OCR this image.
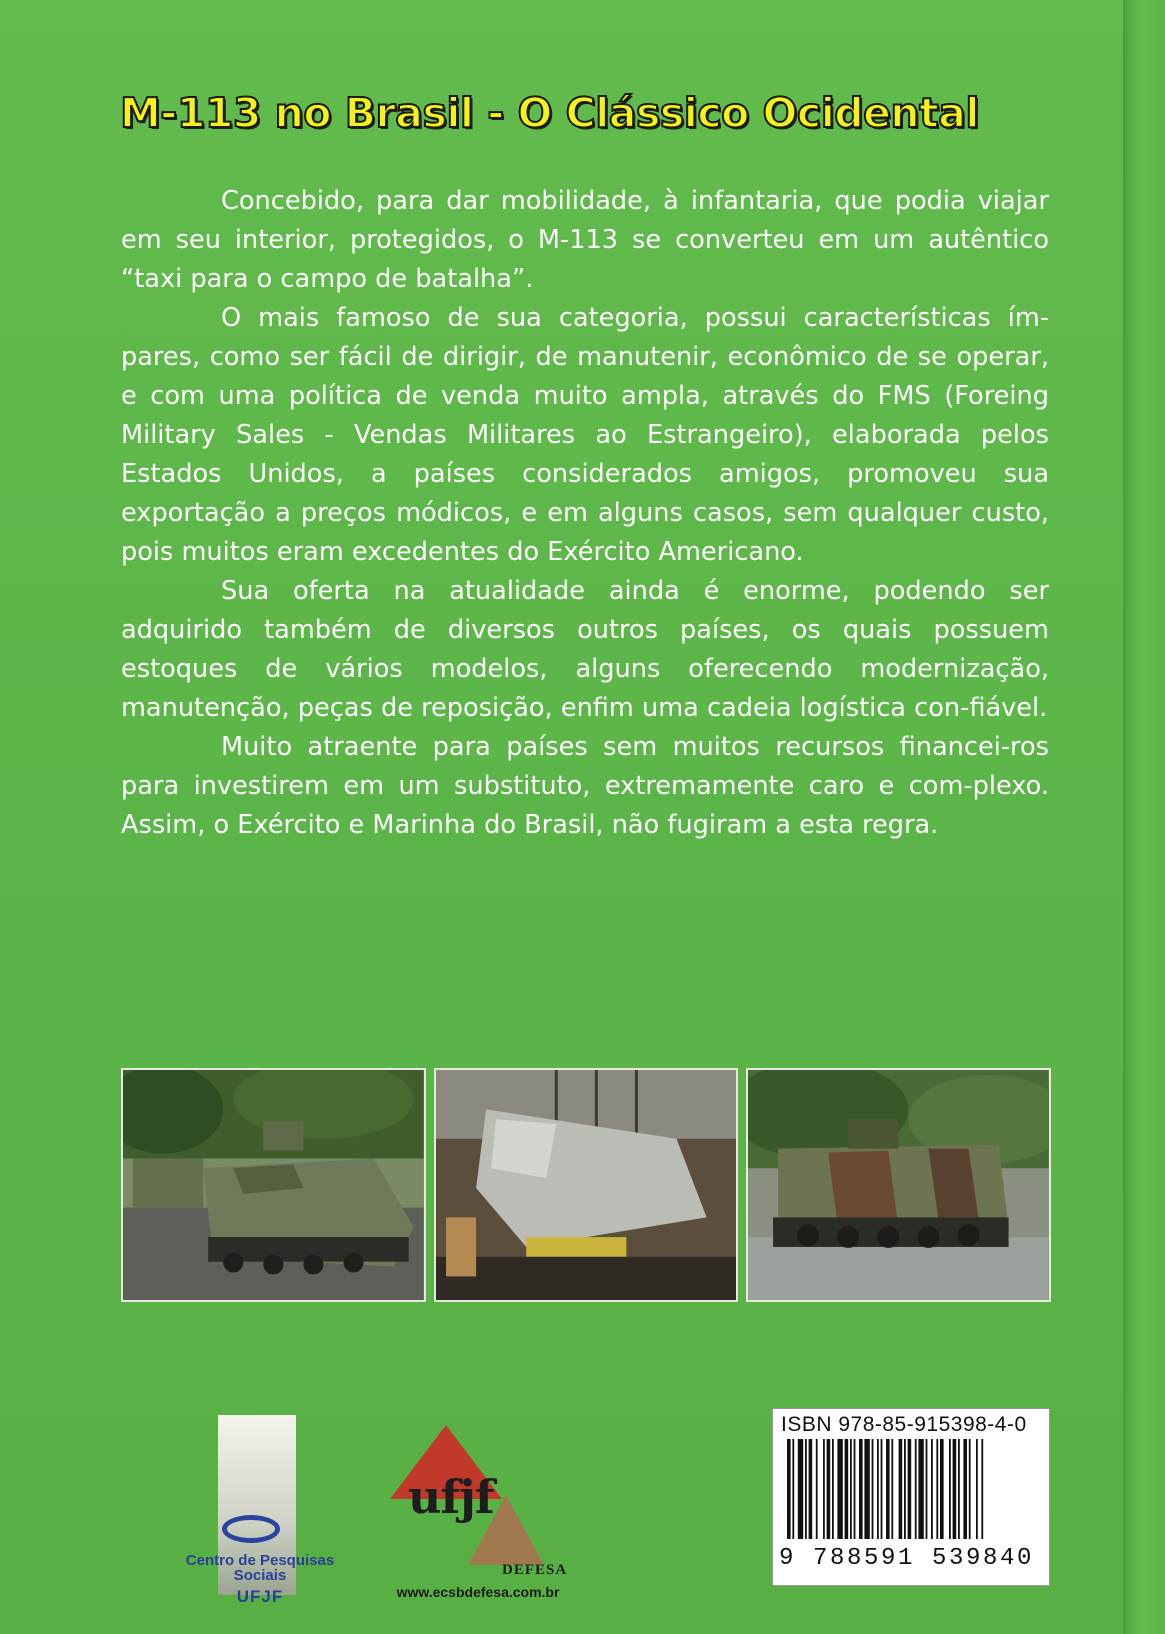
M-113 no Brasil - O Clássico Ocidental

Concebido, para dar mobilidade, à infantaria, que podia viajar em seu interior, protegidos, o M-113 se converteu em um autêntico “taxi para o campo de batalha”.

O mais famoso de sua categoria, possui características ím-pares, como ser fácil de dirigir, de manutenir, econômico de se operar, e com uma política de venda muito ampla, através do FMS (Foreing Military Sales - Vendas Militares ao Estrangeiro), elaborada pelos Estados Unidos, a países considerados amigos, promoveu sua exportação a preços módicos, e em alguns casos, sem qualquer custo, pois muitos eram excedentes do Exército Americano.

Sua oferta na atualidade ainda é enorme, podendo ser adquirido também de diversos outros países, os quais possuem estoques de vários modelos, alguns oferecendo modernização, manutenção, peças de reposição, enfim uma cadeia logística con-fiável.

Muito atraente para países sem muitos recursos financei-ros para investirem em um substituto, extremamente caro e com-plexo. Assim, o Exército e Marinha do Brasil, não fugiram a esta regra.

Centro de Pesquisas
Sociais
UFJF
ufjf
DEFESA
www.ecsbdefesa.com.br
ISBN 978-85-915398-4-0
9 788591 539840
